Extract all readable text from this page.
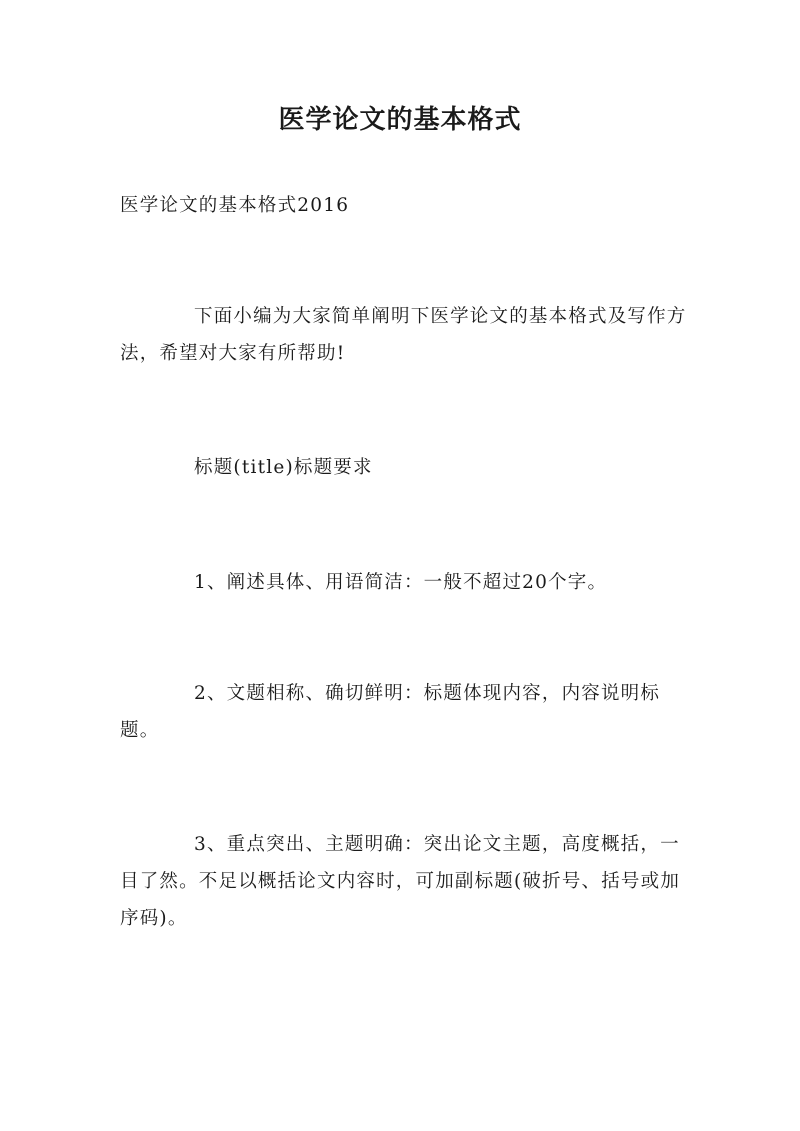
医学论文的基本格式

医学论文的基本格式2016

下面小编为大家简单阐明下医学论文的基本格式及写作方法，希望对大家有所帮助!

标题(title)标题要求

1、阐述具体、用语简洁：一般不超过20个字。

2、文题相称、确切鲜明：标题体现内容，内容说明标题。

3、重点突出、主题明确：突出论文主题，高度概括，一目了然。不足以概括论文内容时，可加副标题(破折号、括号或加序码)。
